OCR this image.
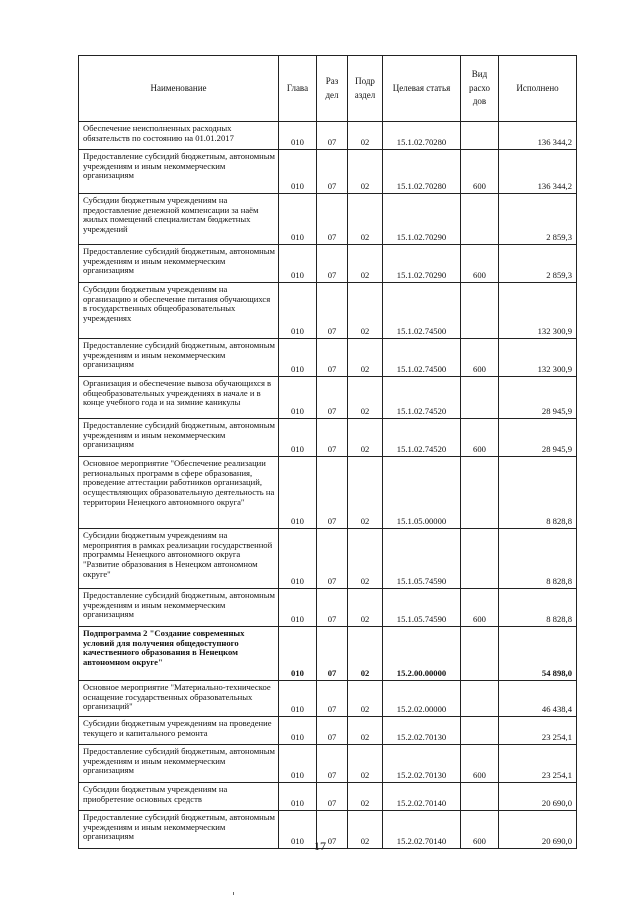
Наименование	Глава	Раз дел	Подр аздел	Целевая статья	Вид расхо дов	Исполнено
Обеспечение неисполненных расходных обязательств по состоянию на 01.01.2017	010	07	02	15.1.02.70280		136 344,2
Предоставление субсидий бюджетным, автономным учреждениям и иным некоммерческим организациям	010	07	02	15.1.02.70280	600	136 344,2
Субсидии бюджетным учреждениям на предоставление денежной компенсации за наём жилых помещений специалистам бюджетных учреждений	010	07	02	15.1.02.70290		2 859,3
Предоставление субсидий бюджетным, автономным учреждениям и иным некоммерческим организациям	010	07	02	15.1.02.70290	600	2 859,3
Субсидии бюджетным учреждениям на организацию и обеспечение питания обучающихся в государственных общеобразовательных учреждениях	010	07	02	15.1.02.74500		132 300,9
Предоставление субсидий бюджетным, автономным учреждениям и иным некоммерческим организациям	010	07	02	15.1.02.74500	600	132 300,9
Организация и обеспечение вывоза обучающихся в общеобразовательных учреждениях в начале и в конце учебного года и на зимние каникулы	010	07	02	15.1.02.74520		28 945,9
Предоставление субсидий бюджетным, автономным учреждениям и иным некоммерческим организациям	010	07	02	15.1.02.74520	600	28 945,9
Основное мероприятие "Обеспечение реализации региональных программ в сфере образования, проведение аттестации работников организаций, осуществляющих образовательную деятельность на территории Ненецкого автономного округа"	010	07	02	15.1.05.00000		8 828,8
Субсидии бюджетным учреждениям на мероприятия в рамках реализации государственной программы Ненецкого автономного округа "Развитие образования в Ненецком автономном округе"	010	07	02	15.1.05.74590		8 828,8
Предоставление субсидий бюджетным, автономным учреждениям и иным некоммерческим организациям	010	07	02	15.1.05.74590	600	8 828,8
Подпрограмма 2 "Создание современных условий для получения общедоступного качественного образования в Ненецком автономном округе"	010	07	02	15.2.00.00000		54 898,0
Основное мероприятие "Материально-техническое оснащение государственных образовательных организаций"	010	07	02	15.2.02.00000		46 438,4
Субсидии бюджетным учреждениям на проведение текущего и капитального ремонта	010	07	02	15.2.02.70130		23 254,1
Предоставление субсидий бюджетным, автономным учреждениям и иным некоммерческим организациям	010	07	02	15.2.02.70130	600	23 254,1
Субсидии бюджетным учреждениям на приобретение основных средств	010	07	02	15.2.02.70140		20 690,0
Предоставление субсидий бюджетным, автономным учреждениям и иным некоммерческим организациям	010	07	02	15.2.02.70140	600	20 690,0
17
